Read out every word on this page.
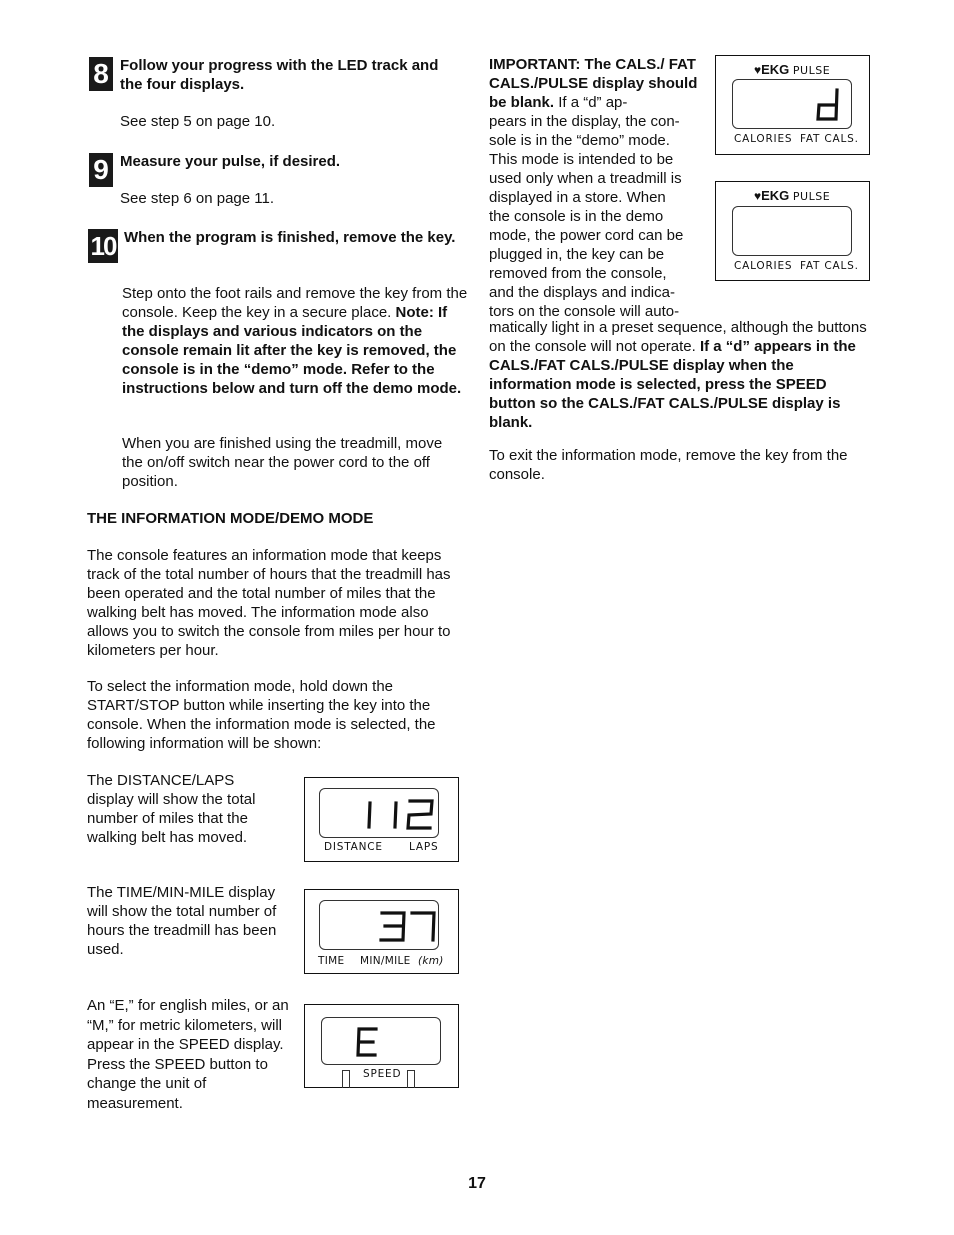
8 Follow your progress with the LED track and the four displays.
See step 5 on page 10.
9 Measure your pulse, if desired.
See step 6 on page 11.
10 When the program is finished, remove the key.
Step onto the foot rails and remove the key from the console. Keep the key in a secure place. Note: If the displays and various indicators on the console remain lit after the key is removed, the console is in the “demo” mode. Refer to the instructions below and turn off the demo mode.
When you are finished using the treadmill, move the on/off switch near the power cord to the off position.
THE INFORMATION MODE/DEMO MODE
The console features an information mode that keeps track of the total number of hours that the treadmill has been operated and the total number of miles that the walking belt has moved. The information mode also allows you to switch the console from miles per hour to kilometers per hour.
To select the information mode, hold down the START/STOP button while inserting the key into the console. When the information mode is selected, the following information will be shown:
The DISTANCE/LAPS display will show the total number of miles that the walking belt has moved.
The TIME/MIN-MILE display will show the total number of hours the treadmill has been used.
An “E,” for english miles, or an “M,” for metric kilometers, will appear in the SPEED display. Press the SPEED button to change the unit of measurement.
DISTANCE LAPS
TIME MIN/MILE (km)
SPEED
IMPORTANT: The CALS./ FAT CALS./PULSE display should be blank. If a “d” ap-
pears in the display, the con-
sole is in the “demo” mode.
This mode is intended to be
used only when a treadmill is
displayed in a store. When
the console is in the demo
mode, the power cord can be
plugged in, the key can be
removed from the console,
and the displays and indica-
tors on the console will auto-
matically light in a preset sequence, although the buttons on the console will not operate. If a “d” appears in the CALS./FAT CALS./PULSE display when the information mode is selected, press the SPEED button so the CALS./FAT CALS./PULSE display is blank.
To exit the information mode, remove the key from the console.
♥EKG PULSE
CALORIES FAT CALS.
♥EKG PULSE
CALORIES FAT CALS.
17
